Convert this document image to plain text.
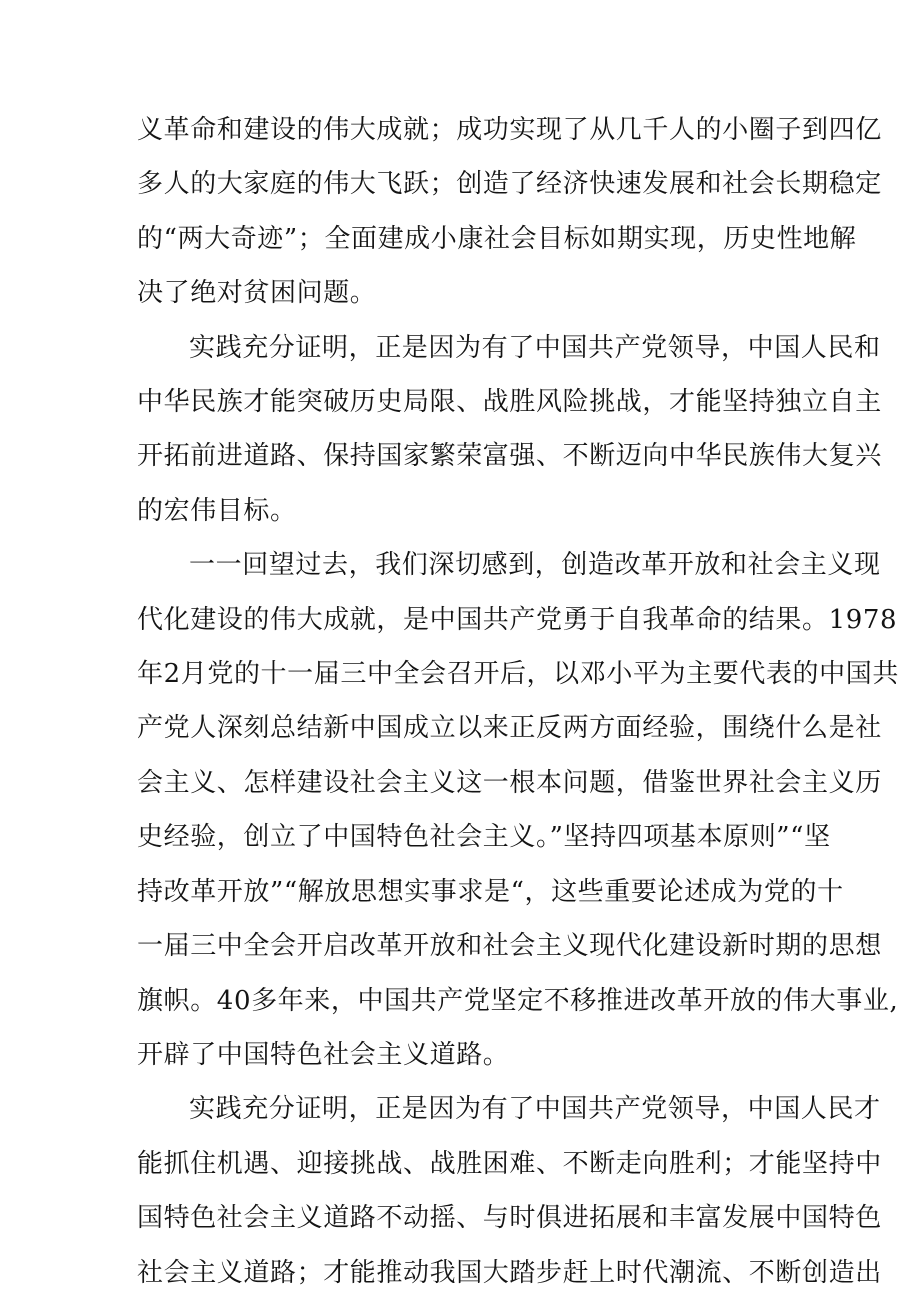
义革命和建设的伟大成就；成功实现了从几千人的小圈子到四亿
多人的大家庭的伟大飞跃；创造了经济快速发展和社会长期稳定
的“两大奇迹”；全面建成小康社会目标如期实现，历史性地解
决了绝对贫困问题。

实践充分证明，正是因为有了中国共产党领导，中国人民和
中华民族才能突破历史局限、战胜风险挑战，才能坚持独立自主
开拓前进道路、保持国家繁荣富强、不断迈向中华民族伟大复兴
的宏伟目标。

一一回望过去，我们深切感到，创造改革开放和社会主义现
代化建设的伟大成就，是中国共产党勇于自我革命的结果。1978
年2月党的十一届三中全会召开后，以邓小平为主要代表的中国共
产党人深刻总结新中国成立以来正反两方面经验，围绕什么是社
会主义、怎样建设社会主义这一根本问题，借鉴世界社会主义历
史经验，创立了中国特色社会主义。”坚持四项基本原则”“坚
持改革开放”“解放思想实事求是“，这些重要论述成为党的十
一届三中全会开启改革开放和社会主义现代化建设新时期的思想
旗帜。40多年来，中国共产党坚定不移推进改革开放的伟大事业,
开辟了中国特色社会主义道路。

实践充分证明，正是因为有了中国共产党领导，中国人民才
能抓住机遇、迎接挑战、战胜困难、不断走向胜利；才能坚持中
国特色社会主义道路不动摇、与时俱进拓展和丰富发展中国特色
社会主义道路；才能推动我国大踏步赶上时代潮流、不断创造出
